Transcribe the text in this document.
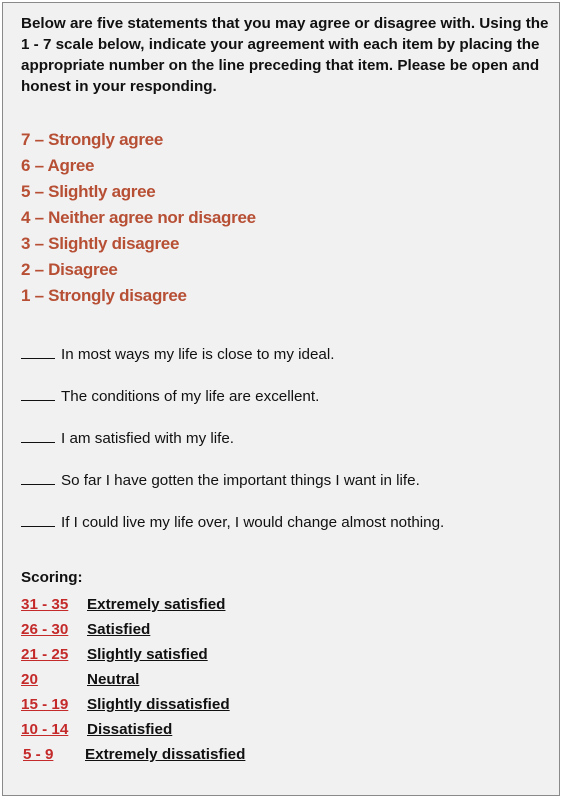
Below are five statements that you may agree or disagree with. Using the 1 - 7 scale below, indicate your agreement with each item by placing the appropriate number on the line preceding that item. Please be open and honest in your responding.
7 – Strongly agree
6 – Agree
5 – Slightly agree
4 – Neither agree nor disagree
3 – Slightly disagree
2 – Disagree
1 – Strongly disagree
In most ways my life is close to my ideal.
The conditions of my life are excellent.
I am satisfied with my life.
So far I have gotten the important things I want in life.
If I could live my life over, I would change almost nothing.
Scoring:
31 - 35 Extremely satisfied
26 - 30 Satisfied
21 - 25 Slightly satisfied
20	Neutral
15 - 19 Slightly dissatisfied
10 - 14 Dissatisfied
5 - 9 Extremely dissatisfied
